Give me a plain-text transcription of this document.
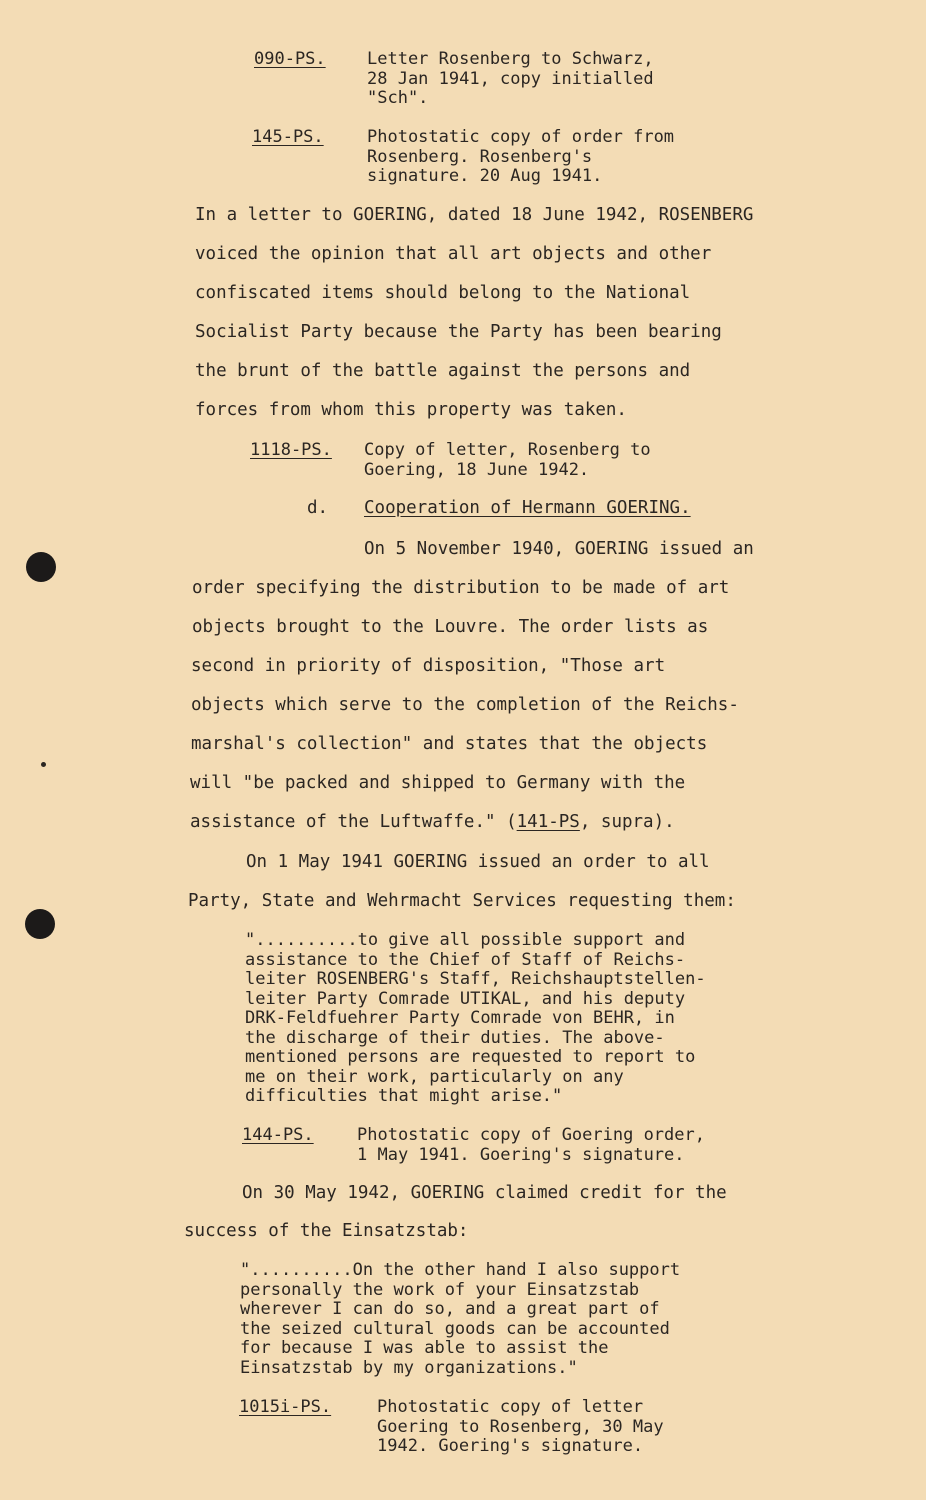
090-PS. Letter Rosenberg to Schwarz,
28 Jan 1941, copy initialled
"Sch".
145-PS.	Photostatic copy of order from
Rosenberg. Rosenberg's
signature. 20 Aug 1941.
In a letter to GOERING, dated 18 June 1942, ROSENBERG
voiced the opinion that all art objects and other
confiscated items should belong to the National
Socialist Party because the Party has been bearing
the brunt of the battle against the persons and
forces from whom this property was taken.
1118-PS. Copy of letter, Rosenberg to
Goering, 18 June 1942.
d. Cooperation of Hermann GOERING.
On 5 November 1940, GOERING issued an
order specifying the distribution to be made of art
objects brought to the Louvre. The order lists as
second in priority of disposition, "Those art
objects which serve to the completion of the Reichs-
marshal's collection" and states that the objects
will "be packed and shipped to Germany with the
assistance of the Luftwaffe." (141-PS, supra).
On 1 May 1941 GOERING issued an order to all
Party, State and Wehrmacht Services requesting them:
"..........to give all possible support and
assistance to the Chief of Staff of Reichs-
leiter ROSENBERG's Staff, Reichshauptstellen-
leiter Party Comrade UTIKAL, and his deputy
DRK-Feldfuehrer Party Comrade von BEHR, in
the discharge of their duties. The above-
mentioned persons are requested to report to
me on their work, particularly on any
difficulties that might arise."
144-PS.	Photostatic copy of Goering order,
1 May 1941. Goering's signature.
On 30 May 1942, GOERING claimed credit for the
success of the Einsatzstab:
"..........On the other hand I also support
personally the work of your Einsatzstab
wherever I can do so, and a great part of
the seized cultural goods can be accounted
for because I was able to assist the
Einsatzstab by my organizations."
1015i-PS.	Photostatic copy of letter
Goering to Rosenberg, 30 May
1942. Goering's signature.
